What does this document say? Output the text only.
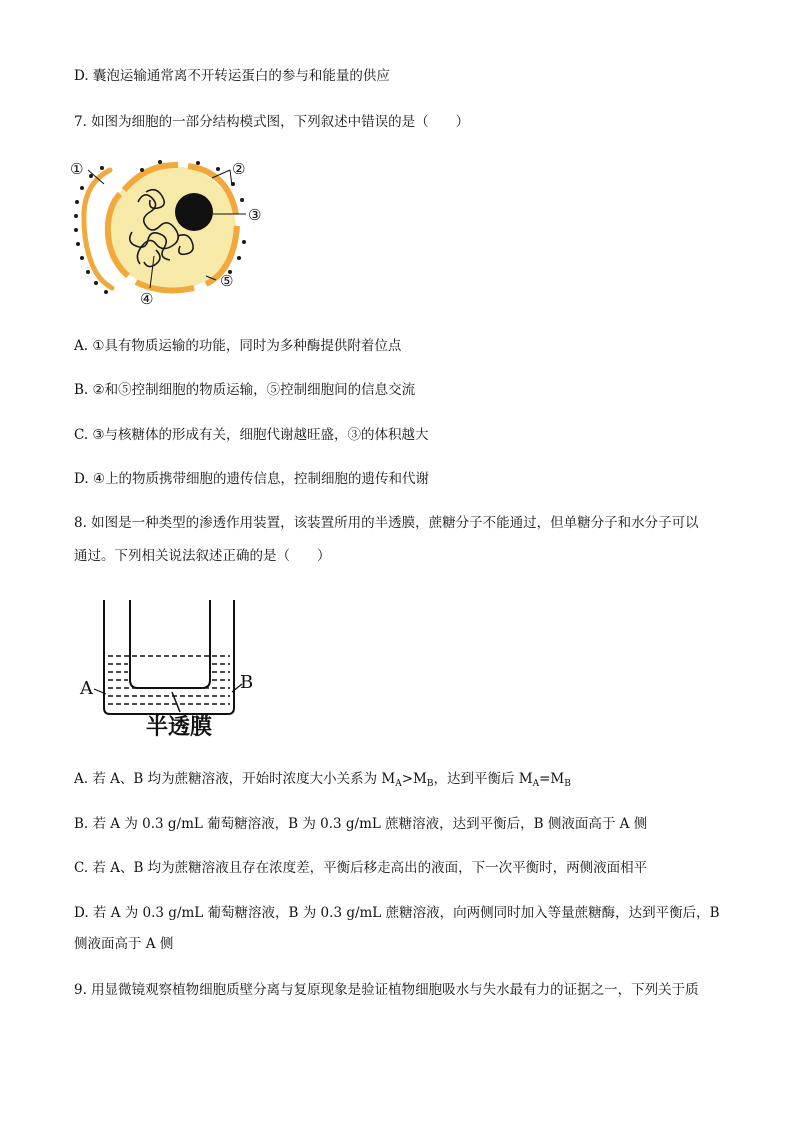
D. 囊泡运输通常离不开转运蛋白的参与和能量的供应
7. 如图为细胞的一部分结构模式图，下列叙述中错误的是（　　）
①	②
③
④
⑤
A. ①具有物质运输的功能，同时为多种酶提供附着位点
B. ②和⑤控制细胞的物质运输，⑤控制细胞间的信息交流
C. ③与核糖体的形成有关，细胞代谢越旺盛，③的体积越大
D. ④上的物质携带细胞的遗传信息，控制细胞的遗传和代谢
8. 如图是一种类型的渗透作用装置，该装置所用的半透膜，蔗糖分子不能通过，但单糖分子和水分子可以
通过。下列相关说法叙述正确的是（　　）
A	B
半透膜
A. 若 A、B 均为蔗糖溶液，开始时浓度大小关系为 $M_A>M_B$，达到平衡后 $M_A=M_B$
B. 若 A 为 0.3 g/mL 葡萄糖溶液，B 为 0.3 g/mL 蔗糖溶液，达到平衡后，B 侧液面高于 A 侧
C. 若 A、B 均为蔗糖溶液且存在浓度差，平衡后移走高出的液面，下一次平衡时，两侧液面相平
D. 若 A 为 0.3 g/mL 葡萄糖溶液，B 为 0.3 g/mL 蔗糖溶液，向两侧同时加入等量蔗糖酶，达到平衡后，B
侧液面高于 A 侧
9. 用显微镜观察植物细胞质壁分离与复原现象是验证植物细胞吸水与失水最有力的证据之一，下列关于质
